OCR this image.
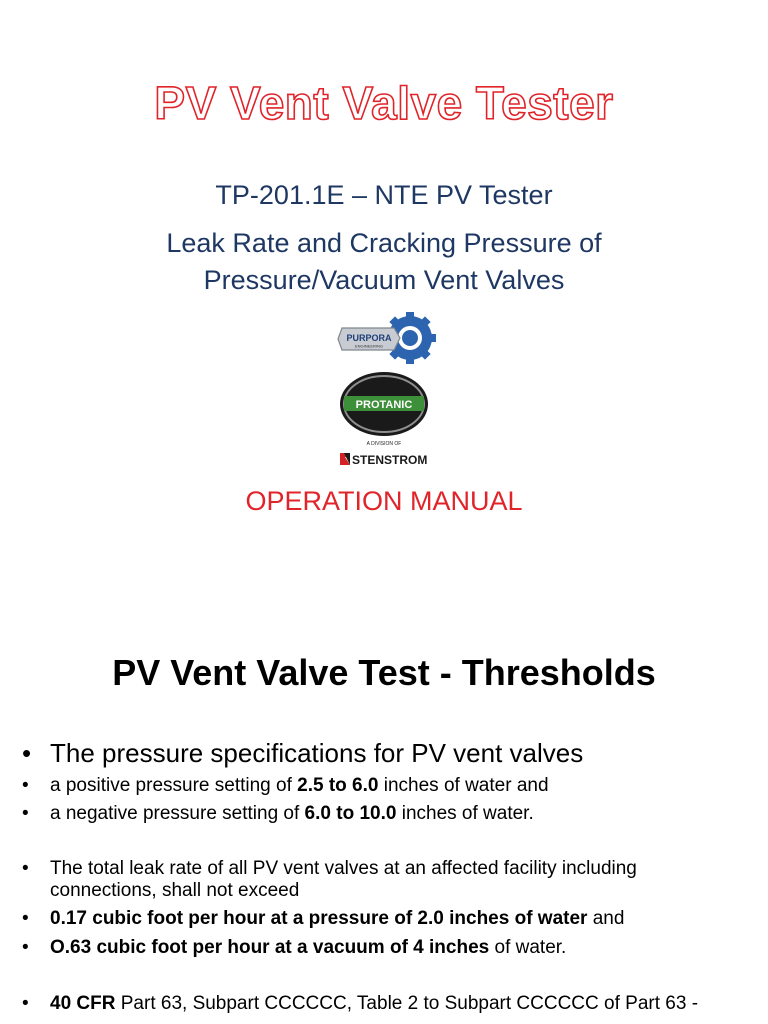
PV Vent Valve Tester
TP-201.1E – NTE PV Tester
Leak Rate and Cracking Pressure of
Pressure/Vacuum Vent Valves
PURPORA
ENGINEERING
PROTANIC
A DIVISION OF
STENSTROM
OPERATION MANUAL
PV Vent Valve Test - Thresholds
• The pressure specifications for PV vent valves
• a positive pressure setting of 2.5 to 6.0 inches of water and
• a negative pressure setting of 6.0 to 10.0 inches of water.
• The total leak rate of all PV vent valves at an affected facility including connections, shall not exceed
• 0.17 cubic foot per hour at a pressure of 2.0 inches of water and
• O.63 cubic foot per hour at a vacuum of 4 inches of water.
• 40 CFR Part 63, Subpart CCCCCC, Table 2 to Subpart CCCCCC of Part 63 -
